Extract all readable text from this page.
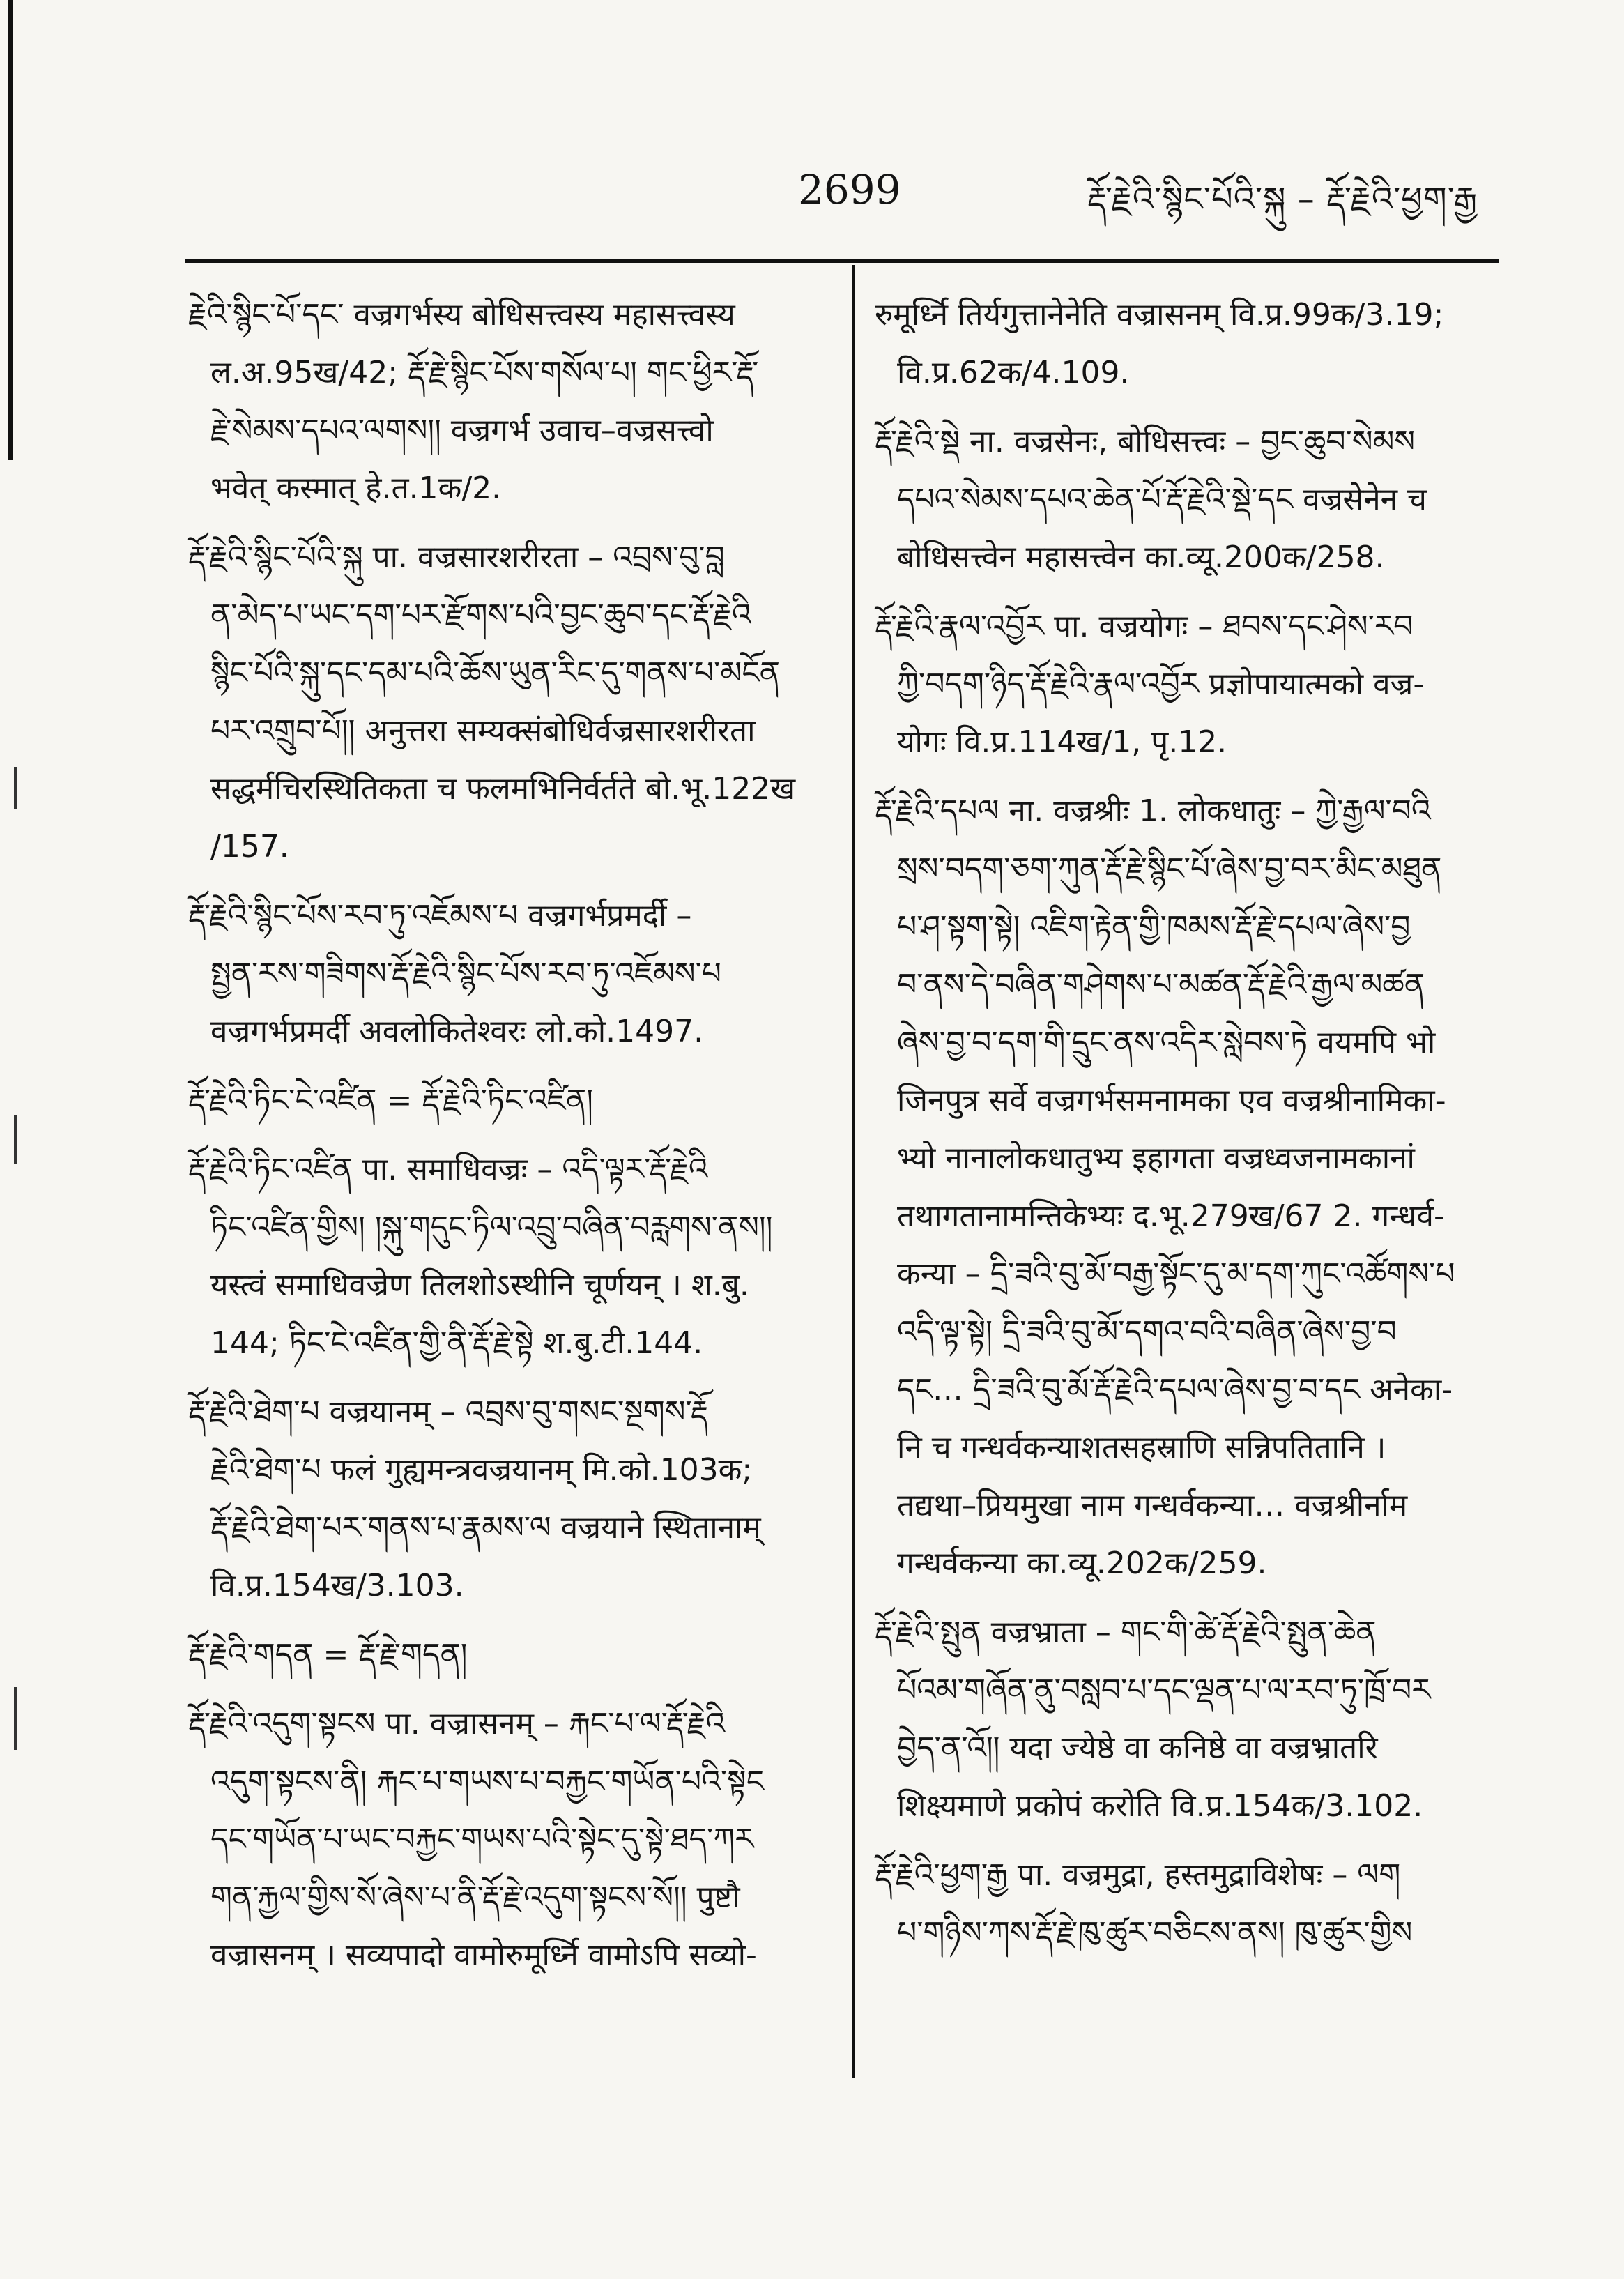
2699	རྡོ་རྗེའི་སྙིང་པོའི་སྐུ – རྡོ་རྗེའི་ཕྱག་རྒྱ
རྗེའི་སྙིང་པོ་དང་ वज्रगर्भस्य बोधिसत्त्वस्य महासत्त्वस्य
ल.अ.95ख/42; རྡོ་རྗེ་སྙིང་པོས་གསོལ་པ། གང་ཕྱིར་རྡོ་
རྗེ་སེམས་དཔའ་ལགས།། वज्रगर्भ उवाच–वज्रसत्त्वो
भवेत् कस्मात् हे.त.1क/2.
རྡོ་རྗེའི་སྙིང་པོའི་སྐུ पा. वज्रसारशरीरता – འབྲས་བུ་བླ
ན་མེད་པ་ཡང་དག་པར་རྫོགས་པའི་བྱང་ཆུབ་དང་རྡོ་རྗེའི
སྙིང་པོའི་སྐུ་དང་དམ་པའི་ཆོས་ཡུན་རིང་དུ་གནས་པ་མངོན
པར་འགྲུབ་པོ།། अनुत्तरा सम्यक्संबोधिर्वज्रसारशरीरता
सद्धर्मचिरस्थितिकता च फलमभिनिर्वर्तते बो.भू.122ख
/157.
རྡོ་རྗེའི་སྙིང་པོས་རབ་ཏུ་འཇོམས་པ वज्रगर्भप्रमर्दी –
སྤྱན་རས་གཟིགས་རྡོ་རྗེའི་སྙིང་པོས་རབ་ཏུ་འཇོམས་པ
वज्रगर्भप्रमर्दी अवलोकितेश्वरः लो.को.1497.
རྡོ་རྗེའི་ཏིང་ངེ་འཛིན = རྡོ་རྗེའི་ཏིང་འཛིན།
རྡོ་རྗེའི་ཏིང་འཛིན पा. समाधिवज्रः – འདི་ལྟར་རྡོ་རྗེའི
ཏིང་འཛིན་གྱིས། །སྐུ་གདུང་ཏིལ་འབྲུ་བཞིན་བརླགས་ནས།།
यस्त्वं समाधिवज्रेण तिलशोऽस्थीनि चूर्णयन् । श.बु.
144; ཏིང་ངེ་འཛིན་གྱི་ནི་རྡོ་རྗེ་སྟེ श.बु.टी.144.
རྡོ་རྗེའི་ཐེག་པ वज्रयानम् – འབྲས་བུ་གསང་སྔགས་རྡོ
རྗེའི་ཐེག་པ फलं गुह्यमन्त्रवज्रयानम् मि.को.103क;
རྡོ་རྗེའི་ཐེག་པར་གནས་པ་རྣམས་ལ वज्रयाने स्थितानाम्
वि.प्र.154ख/3.103.
རྡོ་རྗེའི་གདན = རྡོ་རྗེ་གདན།
རྡོ་རྗེའི་འདུག་སྟངས पा. वज्रासनम् – རྐང་པ་ལ་རྡོ་རྗེའི
འདུག་སྟངས་ནི། རྐང་པ་གཡས་པ་བརྐྱང་གཡོན་པའི་སྟེང
དང་གཡོན་པ་ཡང་བརྐྱང་གཡས་པའི་སྟེང་དུ་སྟེ་ཐད་ཀར
གན་རྐྱལ་གྱིས་སོ་ཞེས་པ་ནི་རྡོ་རྗེ་འདུག་སྟངས་སོ།། पुष्टौ
वज्रासनम् । सव्यपादो वामोरुमूर्ध्नि वामोऽपि सव्यो-
रुमूर्ध्नि तिर्यगुत्तानेनेति वज्रासनम् वि.प्र.99क/3.19;
वि.प्र.62क/4.109.
རྡོ་རྗེའི་སྡེ ना. वज्रसेनः, बोधिसत्त्वः – བྱང་ཆུབ་སེམས
དཔའ་སེམས་དཔའ་ཆེན་པོ་རྡོ་རྗེའི་སྡེ་དང वज्रसेनेन च
बोधिसत्त्वेन महासत्त्वेन का.व्यू.200क/258.
རྡོ་རྗེའི་རྣལ་འབྱོར पा. वज्रयोगः – ཐབས་དང་ཤེས་རབ
ཀྱི་བདག་ཉིད་རྡོ་རྗེའི་རྣལ་འབྱོར प्रज्ञोपायात्मको वज्र-
योगः वि.प्र.114ख/1, पृ.12.
རྡོ་རྗེའི་དཔལ ना. वज्रश्रीः 1. लोकधातुः – ཀྱེ་རྒྱལ་བའི
སྲས་བདག་ཅག་ཀུན་རྡོ་རྗེ་སྙིང་པོ་ཞེས་བྱ་བར་མིང་མཐུན
པ་ཤ་སྟག་སྟེ། འཇིག་རྟེན་གྱི་ཁམས་རྡོ་རྗེ་དཔལ་ཞེས་བྱ
བ་ནས་དེ་བཞིན་གཤེགས་པ་མཚན་རྡོ་རྗེའི་རྒྱལ་མཚན
ཞེས་བྱ་བ་དག་གི་དྲུང་ནས་འདིར་སླེབས་ཏེ वयमपि भो
जिनपुत्र सर्वे वज्रगर्भसमनामका एव वज्रश्रीनामिका-
भ्यो नानालोकधातुभ्य इहागता वज्रध्वजनामकानां
तथागतानामन्तिकेभ्यः द.भू.279ख/67 2. गन्धर्व-
कन्या – དྲི་ཟའི་བུ་མོ་བརྒྱ་སྟོང་དུ་མ་དག་ཀུང་འཚོགས་པ
འདི་ལྟ་སྟེ། དྲི་ཟའི་བུ་མོ་དགའ་བའི་བཞིན་ཞེས་བྱ་བ
དང… དྲི་ཟའི་བུ་མོ་རྡོ་རྗེའི་དཔལ་ཞེས་བྱ་བ་དང अनेका-
नि च गन्धर्वकन्याशतसहस्राणि सन्निपतितानि ।
तद्यथा–प्रियमुखा नाम गन्धर्वकन्या… वज्रश्रीर्नाम
गन्धर्वकन्या का.व्यू.202क/259.
རྡོ་རྗེའི་སྤུན वज्रभ्राता – གང་གི་ཚེ་རྡོ་རྗེའི་སྤུན་ཆེན
པོའམ་གཞོན་ནུ་བསླབ་པ་དང་ལྡན་པ་ལ་རབ་ཏུ་ཁྲོ་བར
བྱེད་ན་འོ།། यदा ज्येष्ठे वा कनिष्ठे वा वज्रभ्रातरि
शिक्ष्यमाणे प्रकोपं करोति वि.प्र.154क/3.102.
རྡོ་རྗེའི་ཕྱག་རྒྱ पा. वज्रमुद्रा, हस्तमुद्राविशेषः – ལག
པ་གཉིས་ཀས་རྡོ་རྗེ་ཁུ་ཚུར་བཅིངས་ནས། ཁུ་ཚུར་གྱིས
